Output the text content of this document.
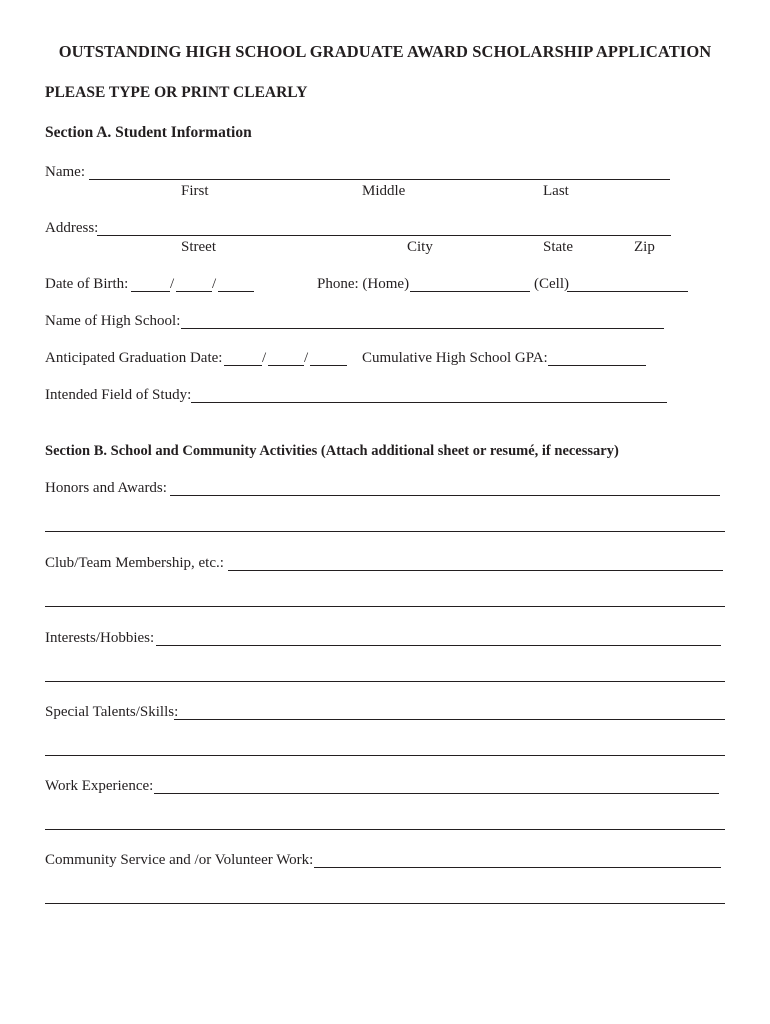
OUTSTANDING HIGH SCHOOL GRADUATE AWARD SCHOLARSHIP APPLICATION
PLEASE TYPE OR PRINT CLEARLY
Section A. Student Information
Name:
First	Middle	Last
Address:
Street	City	State	Zip
Date of Birth:	/	/	Phone: (Home)	(Cell)
Name of High School:
Anticipated Graduation Date:	/	/	Cumulative High School GPA:
Intended Field of Study:
Section B. School and Community Activities (Attach additional sheet or resumé, if necessary)
Honors and Awards:
Club/Team Membership, etc.:
Interests/Hobbies:
Special Talents/Skills:
Work Experience:
Community Service and /or Volunteer Work:
